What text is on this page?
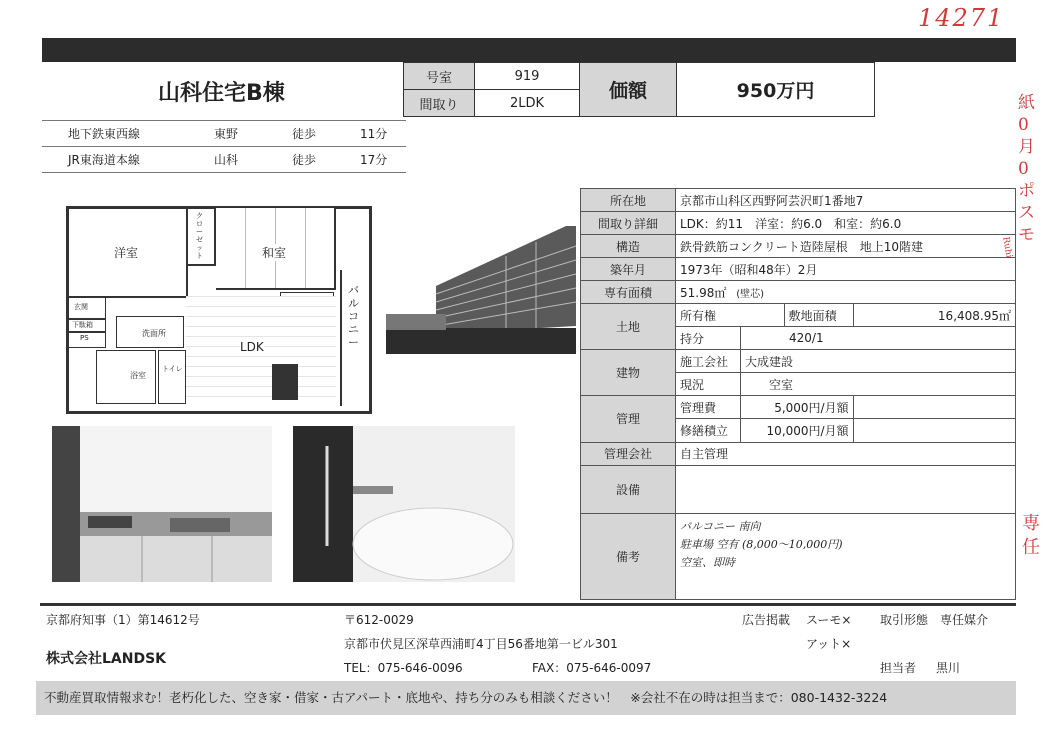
14271
紙0月0ポスモ
Ruhi
専任
山科住宅B棟
号室	919	価額	950万円
間取り	2LDK		
地下鉄東西線	東野	徒歩	11分
JR東海道本線	山科	徒歩	17分
洋室
クローゼット	和室
バルコニー
LDK
玄関
下駄箱
PS	洗面所
浴室
トイレ
所在地	京都市山科区西野阿芸沢町1番地7			
間取り詳細	LDK：約11　洋室：約6.0　和室：約6.0			
構造	鉄骨鉄筋コンクリート造陸屋根　地上10階建			
築年月	1973年（昭和48年）2月			
専有面積	51.98㎡ (壁芯)			
土地	所有権		敷地面積	16,408.95㎡
	持分	420/1		
建物	施工会社	大成建設		
	現況	空室		
管理	管理費	5,000円/月額		
	修繕積立	10,000円/月額		
管理会社	自主管理			
設備				
備考	バルコニー 南向
駐車場 空有 (8,000〜10,000円)
空室、即時			
京都府知事（1）第14612号
株式会社LANDSK
〒612-0029
京都市伏見区深草西浦町4丁目56番地第一ビル301
TEL：075-646-0096	FAX：075-646-0097
広告掲載 スーモ×
アット×
取引形態 専任媒介
担当者 黒川
不動産買取情報求む！老朽化した、空き家・借家・古アパート・底地や、持ち分のみも相談ください！　※会社不在の時は担当まで：080-1432-3224
